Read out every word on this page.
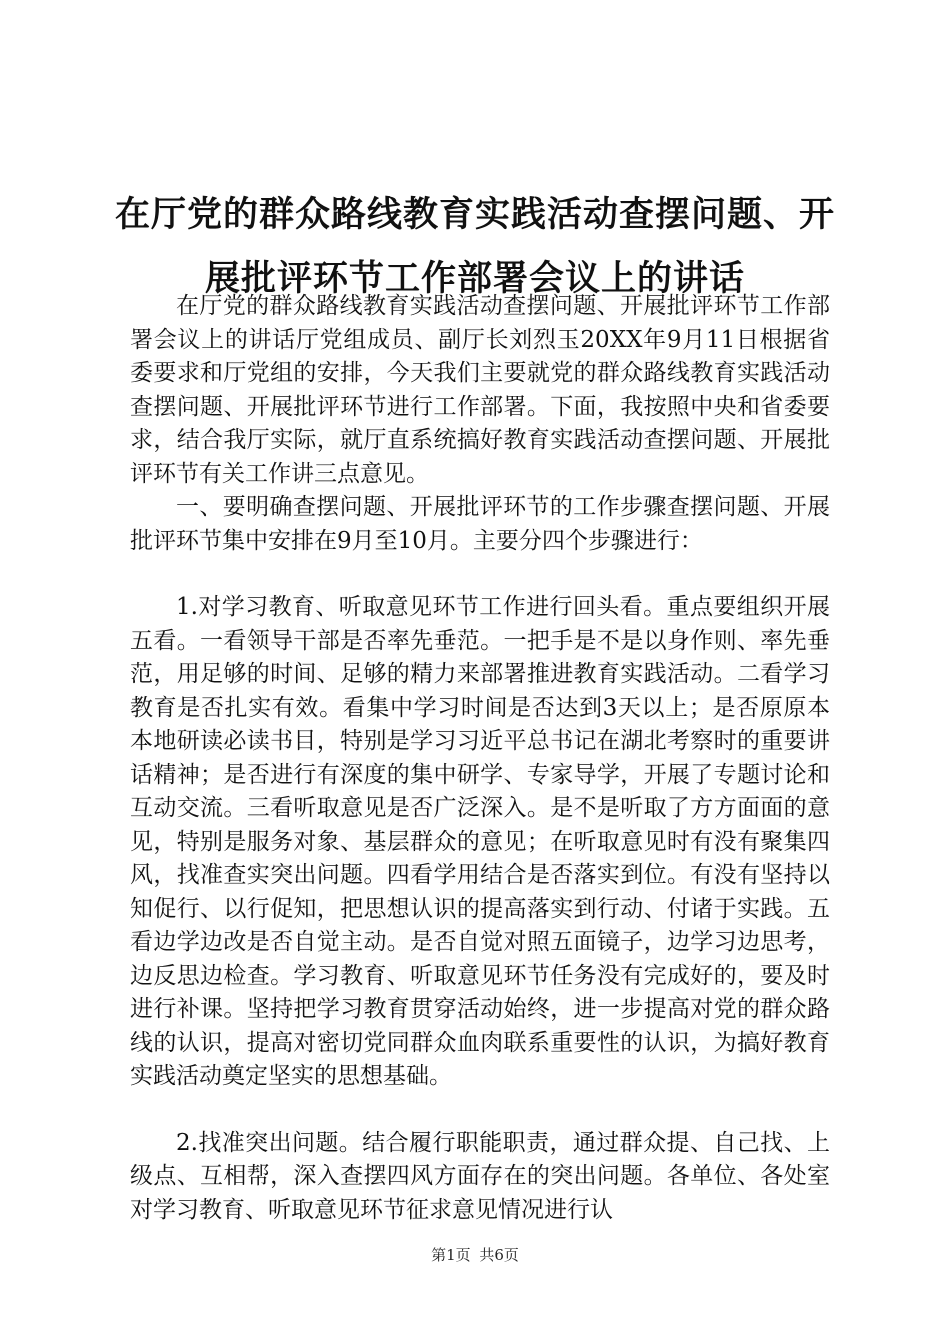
在厅党的群众路线教育实践活动查摆问题、开
展批评环节工作部署会议上的讲话

在厅党的群众路线教育实践活动查摆问题、开展批评环节工作部署会议上的讲话厅党组成员、副厅长刘烈玉20XX年9月11日根据省委要求和厅党组的安排，今天我们主要就党的群众路线教育实践活动查摆问题、开展批评环节进行工作部署。下面，我按照中央和省委要求，结合我厅实际，就厅直系统搞好教育实践活动查摆问题、开展批评环节有关工作讲三点意见。

一、要明确查摆问题、开展批评环节的工作步骤查摆问题、开展批评环节集中安排在9月至10月。主要分四个步骤进行：

1.对学习教育、听取意见环节工作进行回头看。重点要组织开展五看。一看领导干部是否率先垂范。一把手是不是以身作则、率先垂范，用足够的时间、足够的精力来部署推进教育实践活动。二看学习教育是否扎实有效。看集中学习时间是否达到3天以上；是否原原本本地研读必读书目，特别是学习习近平总书记在湖北考察时的重要讲话精神；是否进行有深度的集中研学、专家导学，开展了专题讨论和互动交流。三看听取意见是否广泛深入。是不是听取了方方面面的意见，特别是服务对象、基层群众的意见；在听取意见时有没有聚集四风，找准查实突出问题。四看学用结合是否落实到位。有没有坚持以知促行、以行促知，把思想认识的提高落实到行动、付诸于实践。五看边学边改是否自觉主动。是否自觉对照五面镜子，边学习边思考，边反思边检查。学习教育、听取意见环节任务没有完成好的，要及时进行补课。坚持把学习教育贯穿活动始终，进一步提高对党的群众路线的认识，提高对密切党同群众血肉联系重要性的认识，为搞好教育实践活动奠定坚实的思想基础。

2.找准突出问题。结合履行职能职责，通过群众提、自己找、上级点、互相帮，深入查摆四风方面存在的突出问题。各单位、各处室对学习教育、听取意见环节征求意见情况进行认

第1页 共6页
